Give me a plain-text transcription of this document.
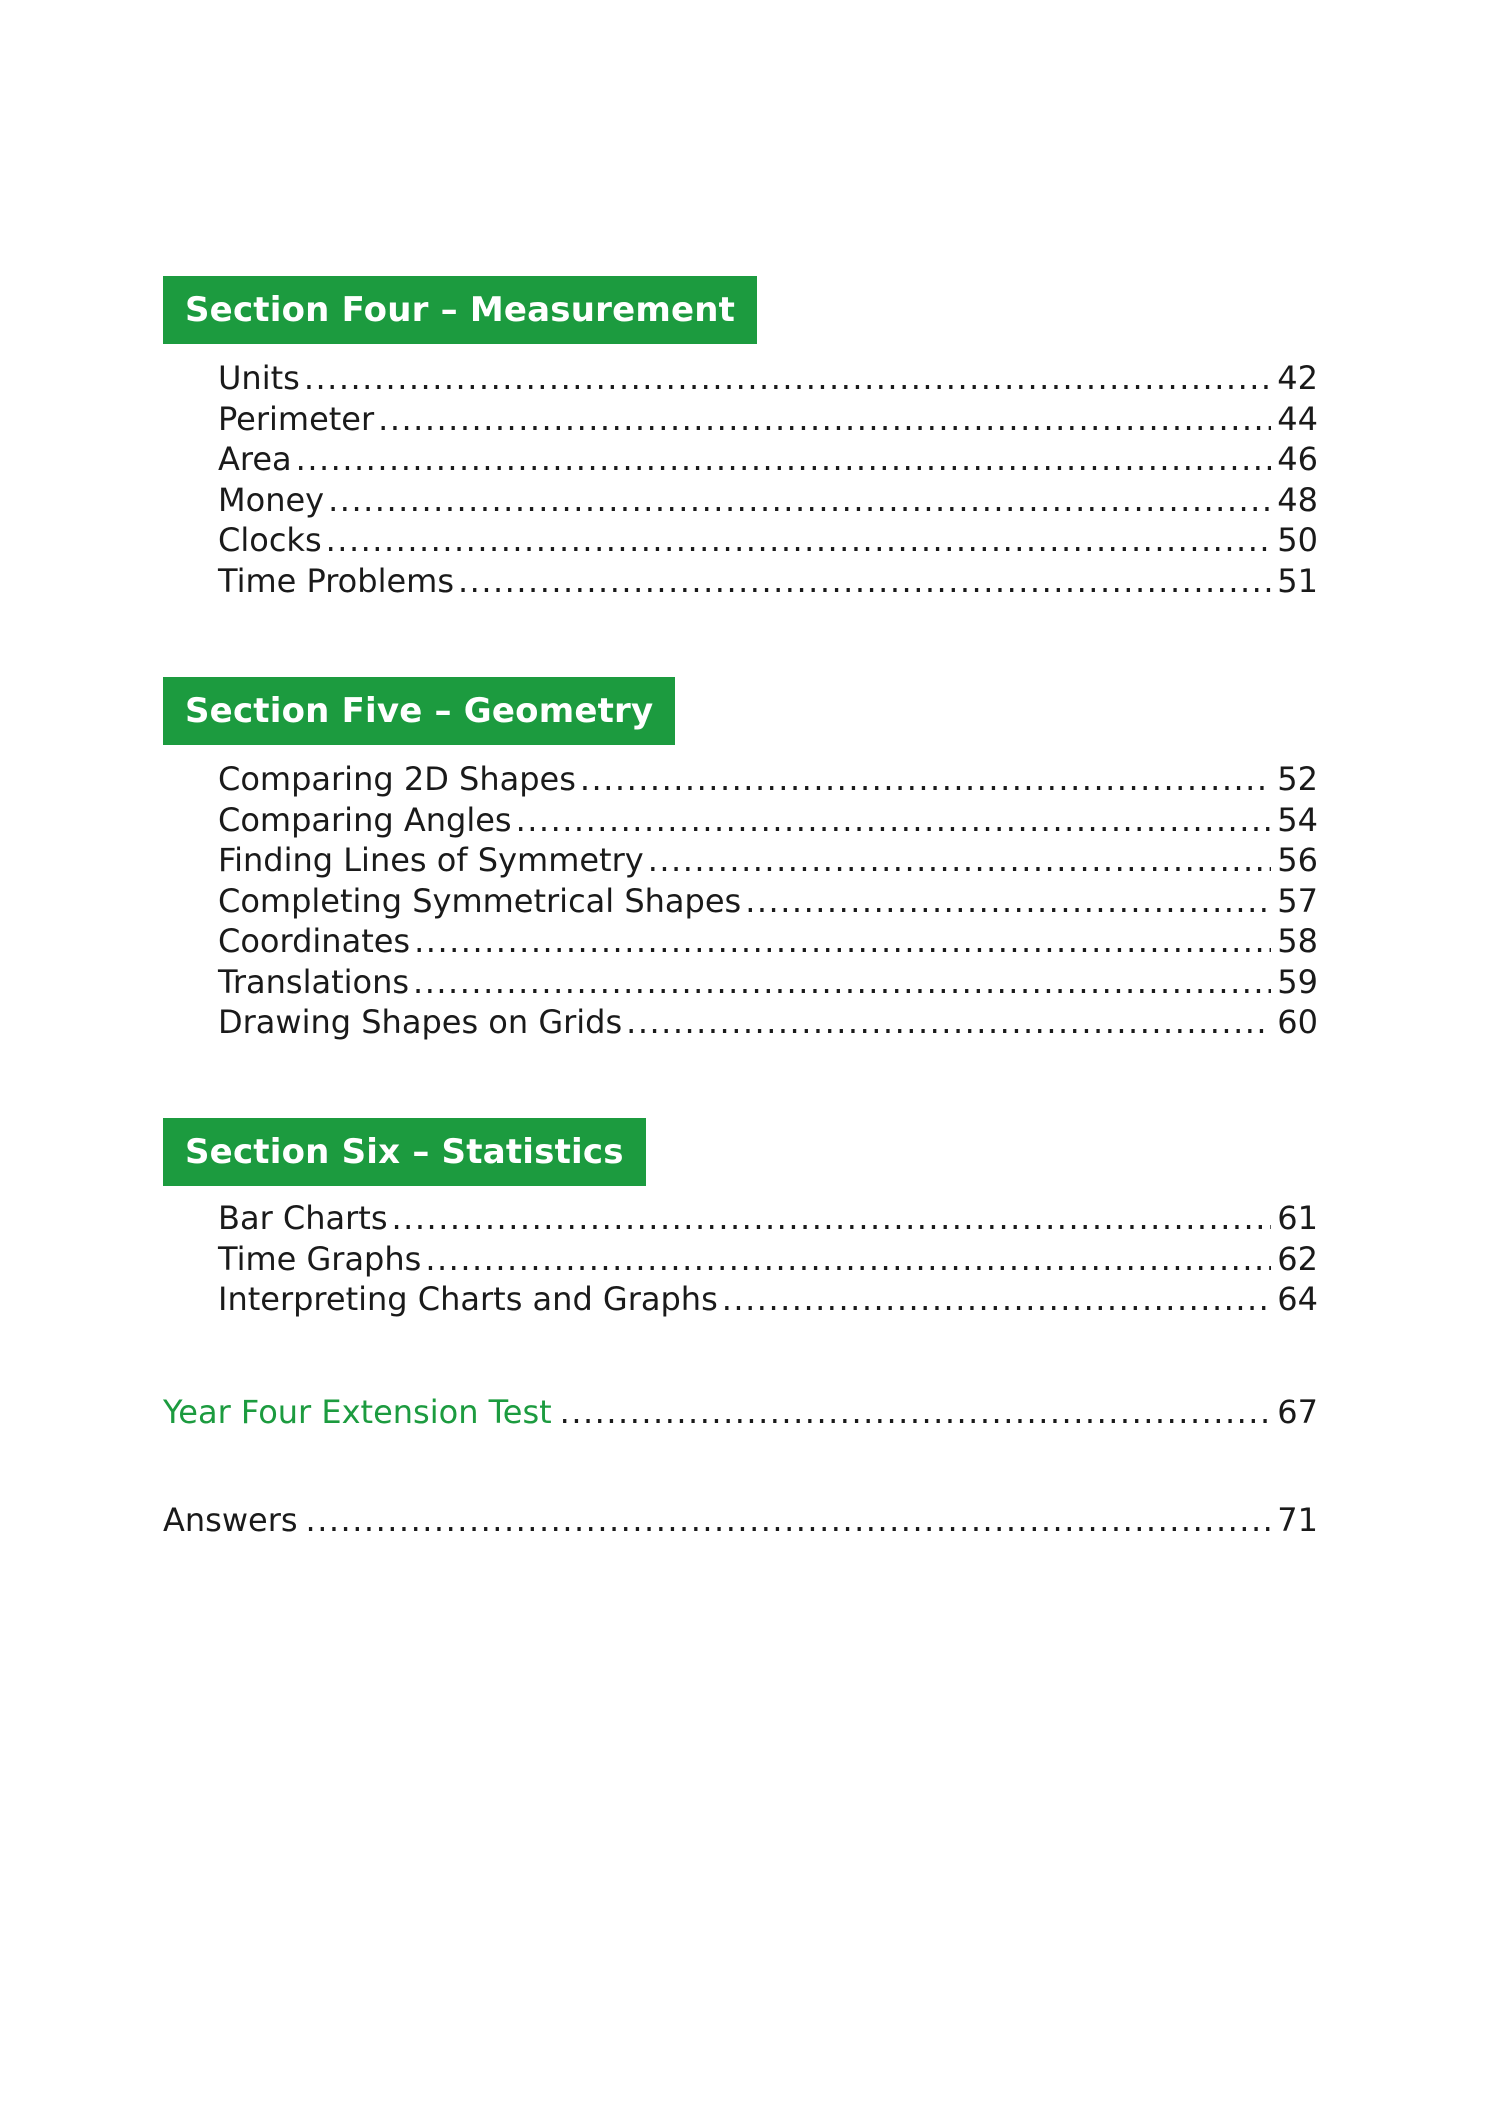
Section Four – Measurement
Units .....	42
Perimeter .....	44
Area .....	46
Money .....	48
Clocks .....	50
Time Problems .....	51
Section Five – Geometry
Comparing 2D Shapes .....	52
Comparing Angles .....	54
Finding Lines of Symmetry .....	56
Completing Symmetrical Shapes .....	57
Coordinates .....	58
Translations .....	59
Drawing Shapes on Grids .....	60
Section Six – Statistics
Bar Charts .....	61
Time Graphs .....	62
Interpreting Charts and Graphs .....	64
Year Four Extension Test .....	67
Answers .....	71
